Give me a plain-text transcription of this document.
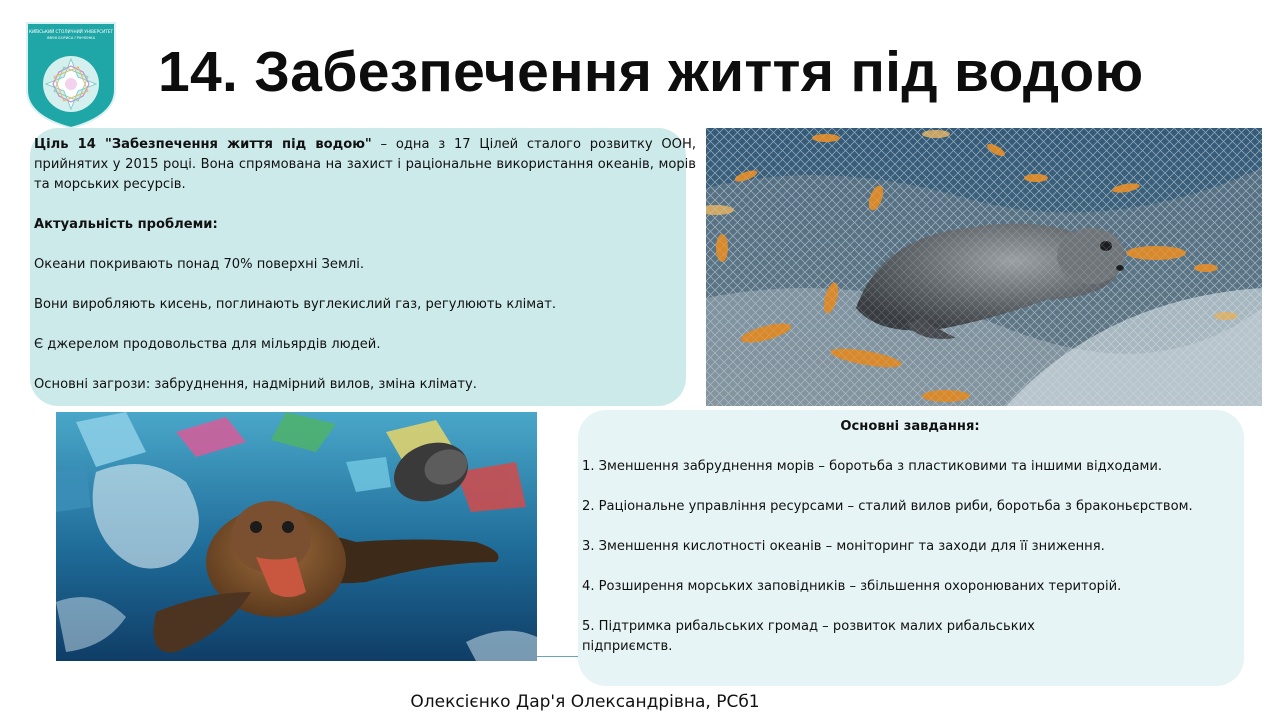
КИЇВСЬКИЙ СТОЛИЧНИЙ УНІВЕРСИТЕТ
ІМЕНІ БОРИСА ГРІНЧЕНКА
14. Забезпечення життя під водою

Ціль 14 "Забезпечення життя під водою" – одна з 17 Цілей сталого розвитку ООН, прийнятих у 2015 році. Вона спрямована на захист і раціональне використання океанів, морів та морських ресурсів.

Актуальність проблеми:

Океани покривають понад 70% поверхні Землі.

Вони виробляють кисень, поглинають вуглекислий газ, регулюють клімат.

Є джерелом продовольства для мільярдів людей.

Основні загрози: забруднення, надмірний вилов, зміна клімату.

Основні завдання:

1. Зменшення забруднення морів – боротьба з пластиковими та іншими відходами.

2. Раціональне управління ресурсами – сталий вилов риби, боротьба з браконьєрством.

3. Зменшення кислотності океанів – моніторинг та заходи для її зниження.

4. Розширення морських заповідників – збільшення охоронюваних територій.

5. Підтримка рибальських громад – розвиток малих рибальських

підприємств.

Олексієнко Дар'я Олександрівна, РСб1
